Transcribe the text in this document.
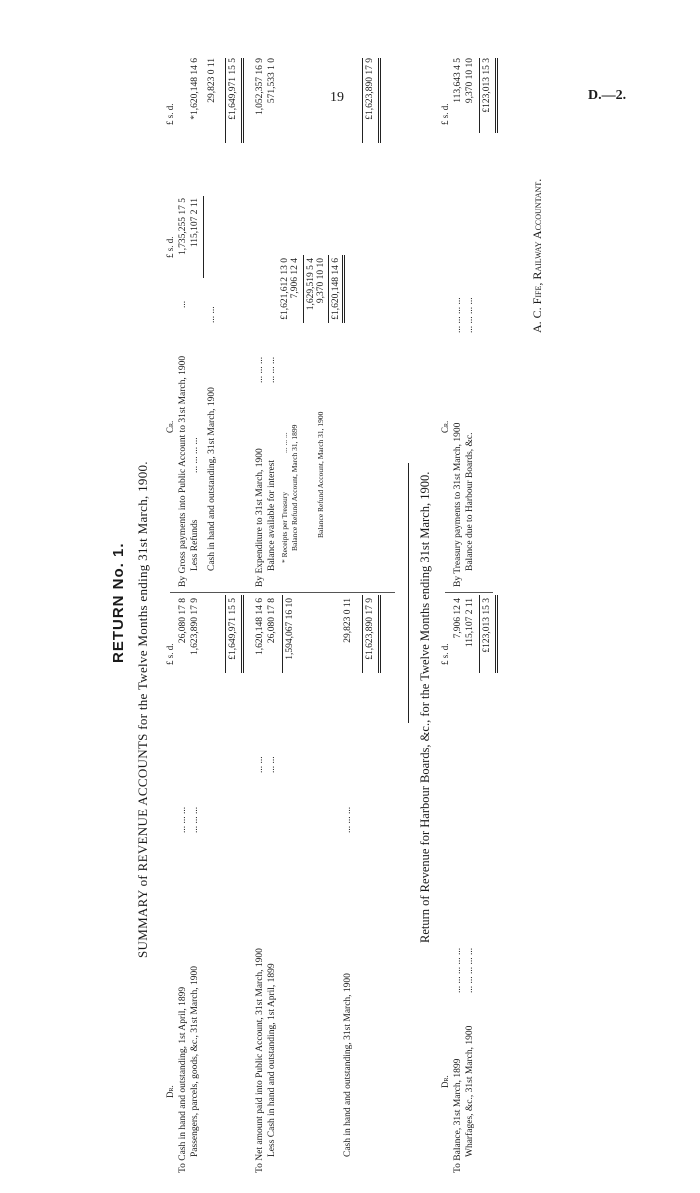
19	D.—2.
RETURN No. 1. SUMMARY of REVENUE ACCOUNTS for the Twelve Months ending 31st March, 1900.
Dr.
£ s. d.
Cr.
£ s. d.
£ s. d.
To Cash in hand and outstanding, 1st April, 1899
... ... ...
26,080 17 8
Passengers, parcels, goods, &c., 31st March, 1900
... ... ...
1,623,890 17 9	£1,649,971 15 5
To Net amount paid into Public Account, 31st March, 1900
... ...
1,620,148 14 6
Less Cash in hand and outstanding, 1st April, 1899
... ...
26,080 17 8 1,594,067 16 10
Cash in hand and outstanding, 31st March, 1900
... ... ...
29,823 0 11 £1,623,890 17 9
By Gross payments into Public Account to 31st March, 1900
...
1,735,255 17 5
Less Refunds
... ... ... ...
115,107 2 11
*1,620,148 14 6
Cash in hand and outstanding, 31st March, 1900
... ...
29,823 0 11 £1,649,971 15 5
By Expenditure to 31st March, 1900
... ... ...
1,052,357 16 9
Balance available for interest
... ... ...
571,533 1 0
* Receipts per Treasury
... ... ...
£1,621,612 13 0
Balance Refund Account, March 31, 1899
7,906 12 4 1,629,519 5 4 9,370 10 10
Balance Refund Account, March 31, 1900
£1,620,148 14 6
£1,623,890 17 9
Return of Revenue for Harbour Boards, &c., for the Twelve Months ending 31st March, 1900.
Dr.
£ s. d.
Cr.
£ s. d.
To Balance, 31st March, 1899
... ... ... ... ...
7,906 12 4
Wharfages, &c., 31st March, 1900
... ... ... ... ...
115,107 2 11 £123,013 15 3
By Treasury payments to 31st March, 1900
... ... ... ...
113,643 4 5
Balance due to Harbour Boards, &c.
... ... ... ...
9,370 10 10 £123,013 15 3
A. C. Fife, Railway Accountant.
